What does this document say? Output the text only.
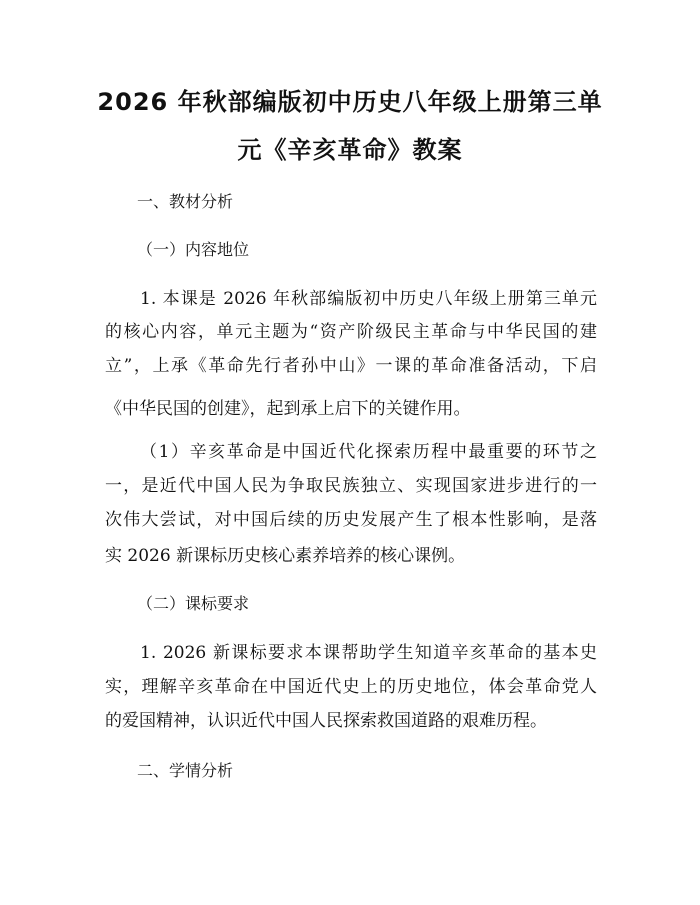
2026 年秋部编版初中历史八年级上册第三单
元《辛亥革命》教案
一、教材分析
（一）内容地位
1. 本课是 2026 年秋部编版初中历史八年级上册第三单元
的核心内容，单元主题为“资产阶级民主革命与中华民国的建
立”，上承《革命先行者孙中山》一课的革命准备活动，下启
《中华民国的创建》，起到承上启下的关键作用。
（1）辛亥革命是中国近代化探索历程中最重要的环节之
一，是近代中国人民为争取民族独立、实现国家进步进行的一
次伟大尝试，对中国后续的历史发展产生了根本性影响，是落
实 2026 新课标历史核心素养培养的核心课例。
（二）课标要求
1. 2026 新课标要求本课帮助学生知道辛亥革命的基本史
实，理解辛亥革命在中国近代史上的历史地位，体会革命党人
的爱国精神，认识近代中国人民探索救国道路的艰难历程。
二、学情分析
